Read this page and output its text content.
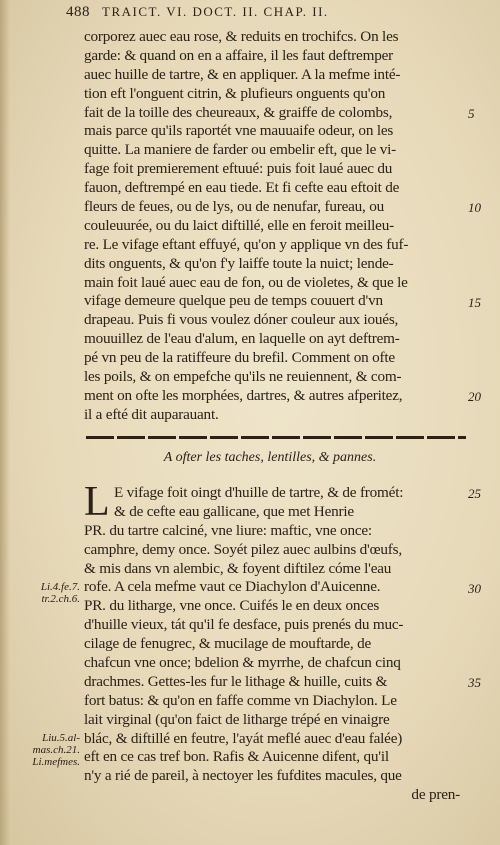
488 TRAICT. VI. DOCT. II. CHAP. II.
corporez auec eau rose, & reduits en trochifcs. On les
garde: & quand on en a affaire, il les faut deftremper
auec huille de tartre, & en appliquer. A la mefme inté-
tion eft l'onguent citrin, & plufieurs onguents qu'on
fait de la toille des cheureaux, & graiffe de colombs,
mais parce qu'ils raportét vne mauuaife odeur, on les
quitte. La maniere de farder ou embelir eft, que le vi-
fage foit premierement eftuué: puis foit laué auec du
fauon, deftrempé en eau tiede. Et fi cefte eau eftoit de
fleurs de feues, ou de lys, ou de nenufar, fureau, ou
couleuurée, ou du laict diftillé, elle en feroit meilleu-
re. Le vifage eftant effuyé, qu'on y applique vn des fuf-
dits onguents, & qu'on f'y laiffe toute la nuict; lende-
main foit laué auec eau de fon, ou de violetes, & que le
vifage demeure quelque peu de temps couuert d'vn
drapeau. Puis fi vous voulez dóner couleur aux ioués,
mouuillez de l'eau d'alum, en laquelle on ayt deftrem-
pé vn peu de la ratiffeure du brefil. Comment on ofte
les poils, & on empefche qu'ils ne reuiennent, & com-
ment on ofte les morphées, dartres, & autres afperitez,
il a efté dit auparauant.
5
10
15
20
A ofter les taches, lentilles, & pannes.
L E vifage foit oingt d'huille de tartre, & de fromét:
& de cefte eau gallicane, que met Henrie
PR. du tartre calciné, vne liure: maftic, vne once:
camphre, demy once. Soyét pilez auec aulbins d'œufs,
& mis dans vn alembic, & foyent diftilez cóme l'eau
rofe. A cela mefme vaut ce Diachylon d'Auicenne.
PR. du litharge, vne once. Cuifés le en deux onces
d'huille vieux, tát qu'il fe desface, puis prenés du muc-
cilage de fenugrec, & mucilage de mouftarde, de
chafcun vne once; bdelion & myrrhe, de chafcun cinq
drachmes. Gettes-les fur le lithage & huille, cuits &
fort batus: & qu'on en faffe comme vn Diachylon. Le
lait virginal (qu'on faict de litharge trépé en vinaigre
blác, & diftillé en feutre, l'ayát meflé auec d'eau falée)
eft en ce cas tref bon. Rafis & Auicenne difent, qu'il
n'y a rié de pareil, à nectoyer les fufdites macules, que
de pren-
25
30
35
Li.4.fe.7. tr.2.ch.6.
Liu.5.al-mas.ch.21. Li.mefmes.
